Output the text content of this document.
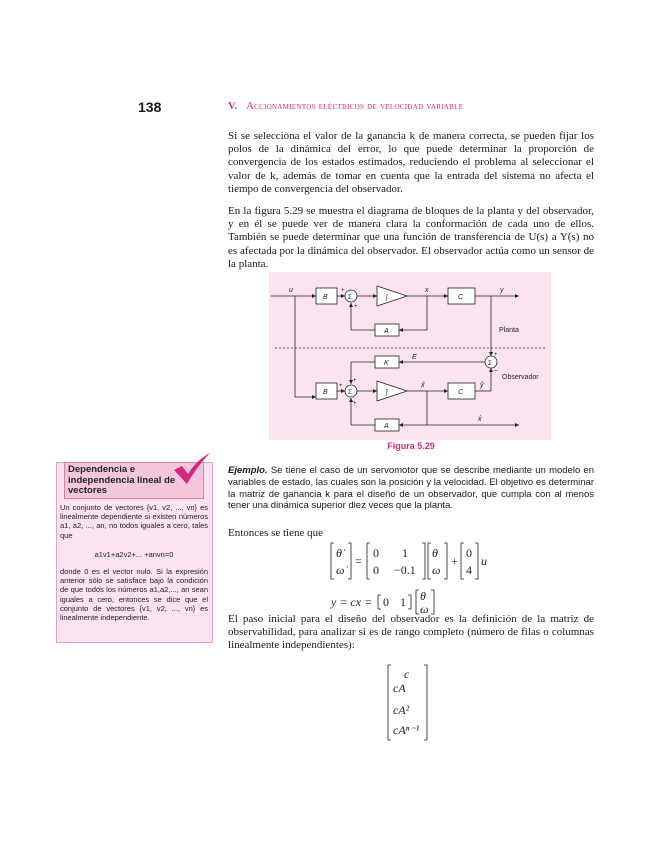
138	V. Accionamientos eléctricos de velocidad variable

Si se selecciona el valor de la ganancia k de manera correcta, se pueden fijar los polos de la dinámica del error, lo que puede determinar la proporción de convergencia de los estados estimados, reduciendo el problema al seleccionar el valor de k, además de tomar en cuenta que la entrada del sistema no afecta el tiempo de convergencia del observador.

En la figura 5.29 se muestra el diagrama de bloques de la planta y del observador, y en él se puede ver de manera clara la conformación de cada uno de ellos. También se puede determinar que una función de transferencia de U(s) a Y(s) no es afectada por la dinámica del observador. El observador actúa como un sensor de la planta.

u
B
B
∫
∫
C
C
A
K
A
Σ
Σ
Σ
+
+
+
+
+
+
−
x	y
E
x̂	ŷ
x̂
Planta
Observador
Figura 5.29
Dependencia e independencia lineal de vectores

Un conjunto de vectores {v1, v2, ..., vn} es linealmente dependiente si existen números a1, a2, ..., an, no todos iguales a cero, tales que

a1v1+a2v2+... +anvn=0

donde 0 es el vector nulo. Si la expresión anterior sólo se satisface bajo la condición de que todos los números a1,a2,..., an sean iguales a cero, entonces se dice que el conjunto de vectores {v1, v2, ..., vn} es linealmente independiente.

Ejemplo. Se tiene el caso de un servomotor que se describe mediante un modelo en variables de estado, las cuales son la posición y la velocidad. El objetivo es determinar la matriz de ganancia k para el diseño de un observador, que cumpla con al menos tener una dinámica superior diez veces que la planta.

Entonces se tiene que
θ̇
ω̇
=
0 1
0 −0.1
θ
ω
+
0
4
u
y = cx = 0 1 θ
ω

El paso inicial para el diseño del observador es la definición de la matriz de observabilidad, para analizar si es de rango completo (número de filas o columnas linealmente independientes):

c
cA
cA²
cAⁿ⁻¹
